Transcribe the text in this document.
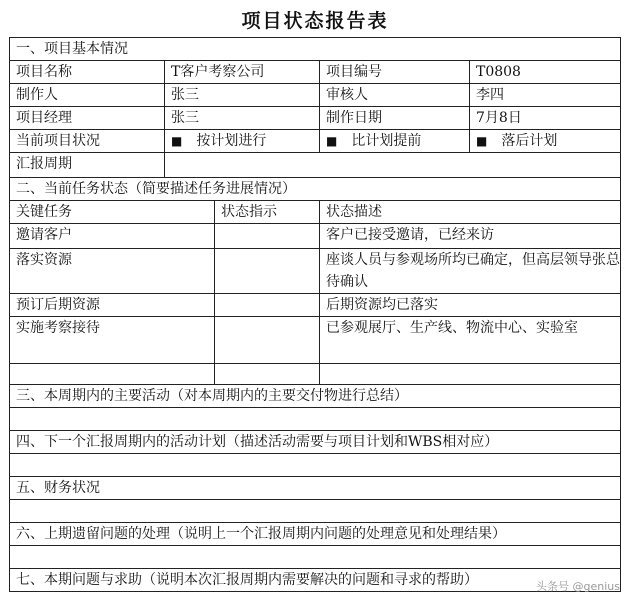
项目状态报告表
一、项目基本情况				
项目名称	T客户考察公司		项目编号	T0808
制作人	张三		审核人	李四
项目经理	张三		制作日期	7月8日
当前项目状况	■ 按计划进行		■ 比计划提前	■ 落后计划
汇报周期				
二、当前任务状态（简要描述任务进展情况）				
关键任务		状态指示	状态描述	
邀请客户			客户已接受邀请，已经来访	
落实资源			座谈人员与参观场所均已确定，但高层领导张总待确认	
预订后期资源			后期资源均已落实	
实施考察接待			已参观展厅、生产线、物流中心、实验室	

三、本周期内的主要活动（对本周期内的主要交付物进行总结）				

四、下一个汇报周期内的活动计划（描述活动需要与项目计划和WBS相对应）				

五、财务状况				

六、上期遗留问题的处理（说明上一个汇报周期内问题的处理意见和处理结果）				

七、本期问题与求助（说明本次汇报周期内需要解决的问题和寻求的帮助）					头条号 @genius
